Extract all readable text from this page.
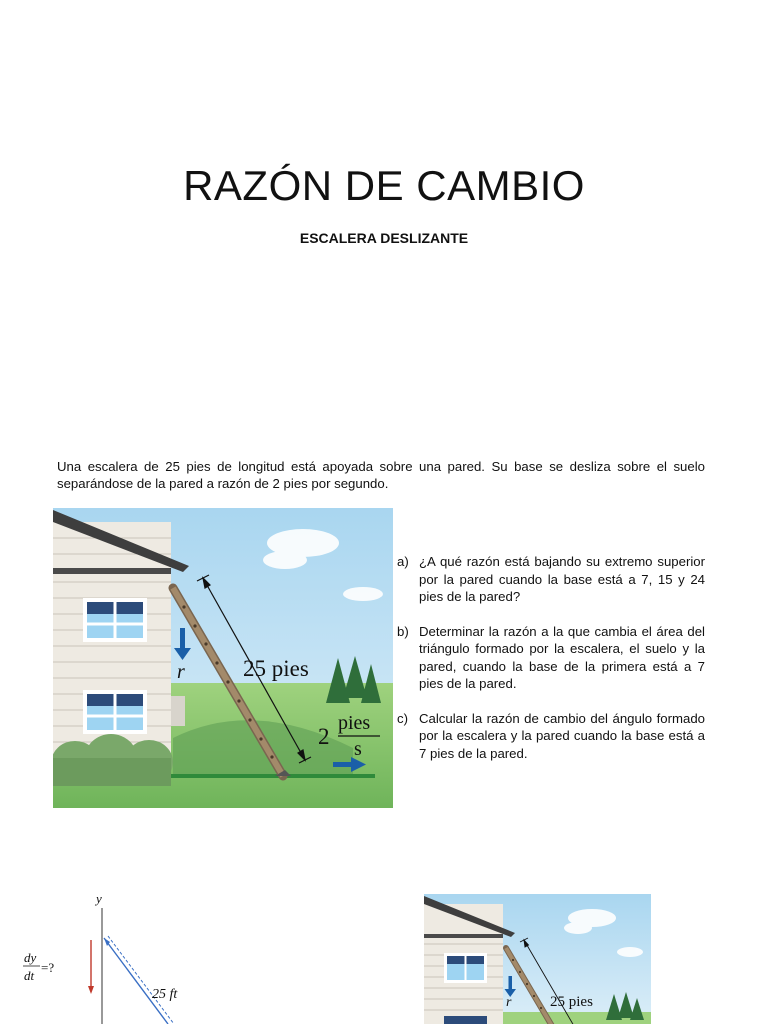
RAZÓN DE CAMBIO

ESCALERA DESLIZANTE

Una escalera de 25 pies de longitud está apoyada sobre una pared. Su base se desliza sobre el suelo separándose de la pared a razón de 2 pies por segundo.

25 pies
r
2
pies
s
a) ¿A qué razón está bajando su extremo superior por la pared cuando la base está a 7, 15 y 24 pies de la pared?
b) Determinar la razón a la que cambia el área del triángulo formado por la escalera, el suelo y la pared, cuando la base de la primera está a 7 pies de la pared.
c) Calcular la razón de cambio del ángulo formado por la escalera y la pared cuando la base está a 7 pies de la pared.
y
dy
dt
=?
25 ft	25 pies
r
